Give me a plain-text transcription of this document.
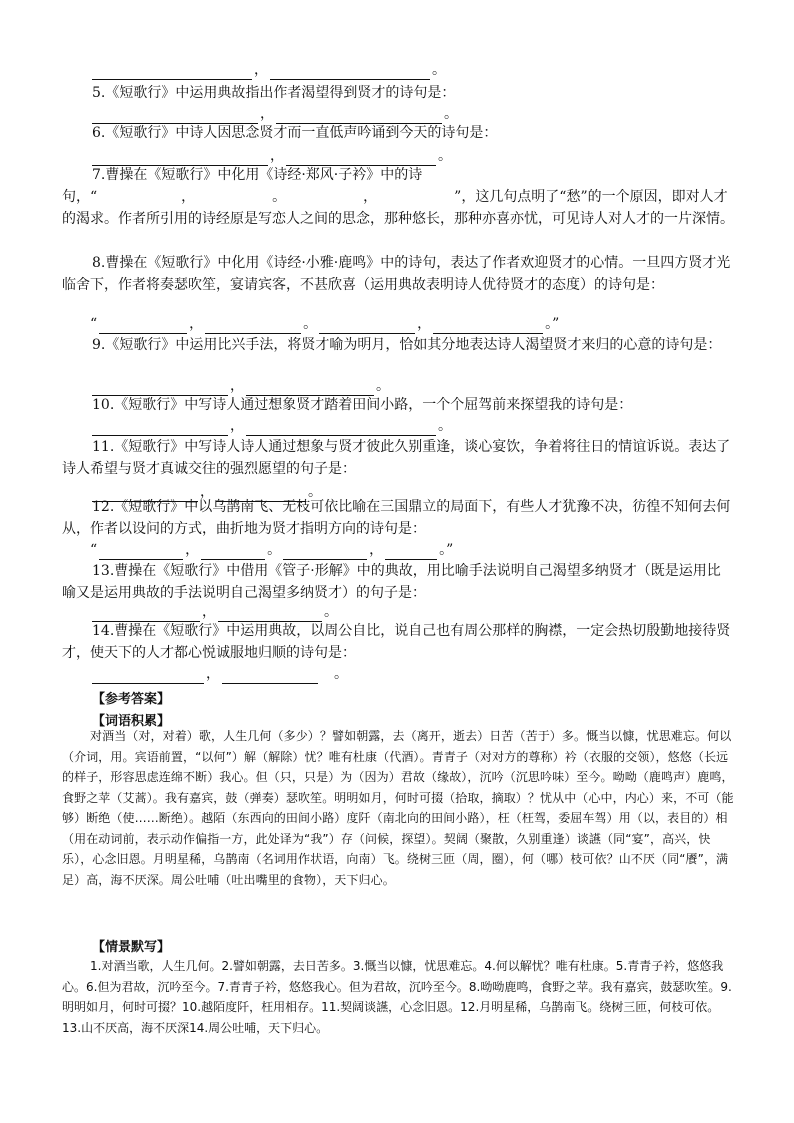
，	。

5.《短歌行》中运用典故指出作者渴望得到贤才的诗句是：

，	。

6.《短歌行》中诗人因思念贤才而一直低声吟诵到今天的诗句是：

，	。

7.曹操在《短歌行》中化用《诗经·郑风·子衿》中的诗句，“　　　　　　，　　　　　　。　　　　　　，　　　　　　”，这几句点明了“愁”的一个原因，即对人才的渴求。作者所引用的诗经原是写恋人之间的思念，那种悠长，那种亦喜亦忧，可见诗人对人才的一片深情。

8.曹操在《短歌行》中化用《诗经·小雅·鹿鸣》中的诗句，表达了作者欢迎贤才的心情。一旦四方贤才光临舍下，作者将奏瑟吹笙，宴请宾客，不甚欣喜（运用典故表明诗人优待贤才的态度）的诗句是：

“	，	。	，	。”

9.《短歌行》中运用比兴手法，将贤才喻为明月，恰如其分地表达诗人渴望贤才来归的心意的诗句是：

，	。

10.《短歌行》中写诗人通过想象贤才踏着田间小路，一个个屈驾前来探望我的诗句是：

，	。

11.《短歌行》中写诗人诗人通过想象与贤才彼此久别重逢，谈心宴饮，争着将往日的情谊诉说。表达了诗人希望与贤才真诚交往的强烈愿望的句子是：

，	。

12.《短歌行》中以乌鹊南飞、无枝可依比喻在三国鼎立的局面下，有些人才犹豫不决，彷徨不知何去何从，作者以设问的方式，曲折地为贤才指明方向的诗句是：

“	，	。	，	。”

13.曹操在《短歌行》中借用《管子·形解》中的典故，用比喻手法说明自己渴望多纳贤才（既是运用比喻又是运用典故的手法说明自己渴望多纳贤才）的句子是：

，	。

14.曹操在《短歌行》中运用典故，以周公自比，说自己也有周公那样的胸襟，一定会热切殷勤地接待贤才，使天下的人才都心悦诚服地归顺的诗句是：

，	。

【参考答案】

【词语积累】

对酒当（对，对着）歌，人生几何（多少）？譬如朝露，去（离开，逝去）日苦（苦于）多。慨当以慷，忧思难忘。何以（介词，用。宾语前置，“以何”）解（解除）忧？唯有杜康（代酒）。青青子（对对方的尊称）衿（衣服的交领），悠悠（长远的样子，形容思虑连绵不断）我心。但（只，只是）为（因为）君故（缘故），沉吟（沉思吟味）至今。呦呦（鹿鸣声）鹿鸣，食野之苹（艾蒿）。我有嘉宾，鼓（弹奏）瑟吹笙。明明如月，何时可掇（拾取，摘取）？忧从中（心中，内心）来，不可（能够）断绝（使……断绝）。越陌（东西向的田间小路）度阡（南北向的田间小路），枉（枉驾，委屈车驾）用（以，表目的）相（用在动词前，表示动作偏指一方，此处译为“我”）存（问候，探望）。契阔（聚散，久别重逢）谈讌（同“宴”，高兴，快乐），心念旧恩。月明星稀，乌鹊南（名词用作状语，向南）飞。绕树三匝（周，圈），何（哪）枝可依？山不厌（同“餍”，满足）高，海不厌深。周公吐哺（吐出嘴里的食物），天下归心。

【情景默写】

1.对酒当歌，人生几何。2.譬如朝露，去日苦多。3.慨当以慷，忧思难忘。4.何以解忧？唯有杜康。5.青青子衿，悠悠我心。6.但为君故，沉吟至今。7.青青子衿，悠悠我心。但为君故，沉吟至今。8.呦呦鹿鸣，食野之苹。我有嘉宾，鼓瑟吹笙。9.明明如月，何时可掇？10.越陌度阡，枉用相存。11.契阔谈讌，心念旧恩。12.月明星稀，乌鹊南飞。绕树三匝，何枝可依。13.山不厌高，海不厌深14.周公吐哺，天下归心。
